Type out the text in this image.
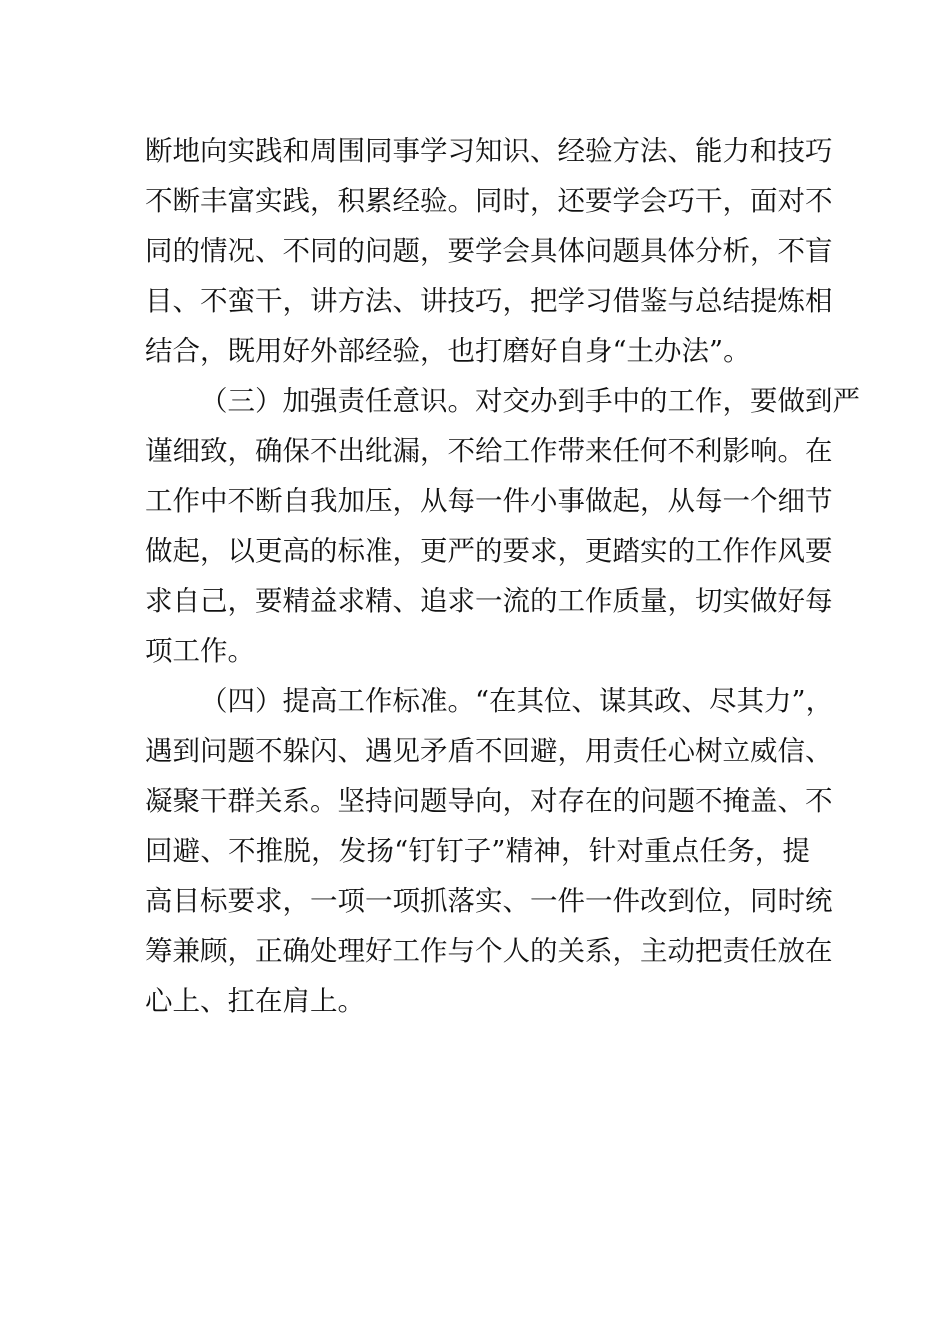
断地向实践和周围同事学习知识、经验方法、能力和技巧
不断丰富实践，积累经验。同时，还要学会巧干，面对不
同的情况、不同的问题，要学会具体问题具体分析，不盲
目、不蛮干，讲方法、讲技巧，把学习借鉴与总结提炼相
结合，既用好外部经验，也打磨好自身“土办法”。
（三）加强责任意识。对交办到手中的工作，要做到严
谨细致，确保不出纰漏，不给工作带来任何不利影响。在
工作中不断自我加压，从每一件小事做起，从每一个细节
做起，以更高的标准，更严的要求，更踏实的工作作风要
求自己，要精益求精、追求一流的工作质量，切实做好每
项工作。
（四）提高工作标准。“在其位、谋其政、尽其力”，
遇到问题不躲闪、遇见矛盾不回避，用责任心树立威信、
凝聚干群关系。坚持问题导向，对存在的问题不掩盖、不
回避、不推脱，发扬“钉钉子”精神，针对重点任务，提
高目标要求，一项一项抓落实、一件一件改到位，同时统
筹兼顾，正确处理好工作与个人的关系，主动把责任放在
心上、扛在肩上。
